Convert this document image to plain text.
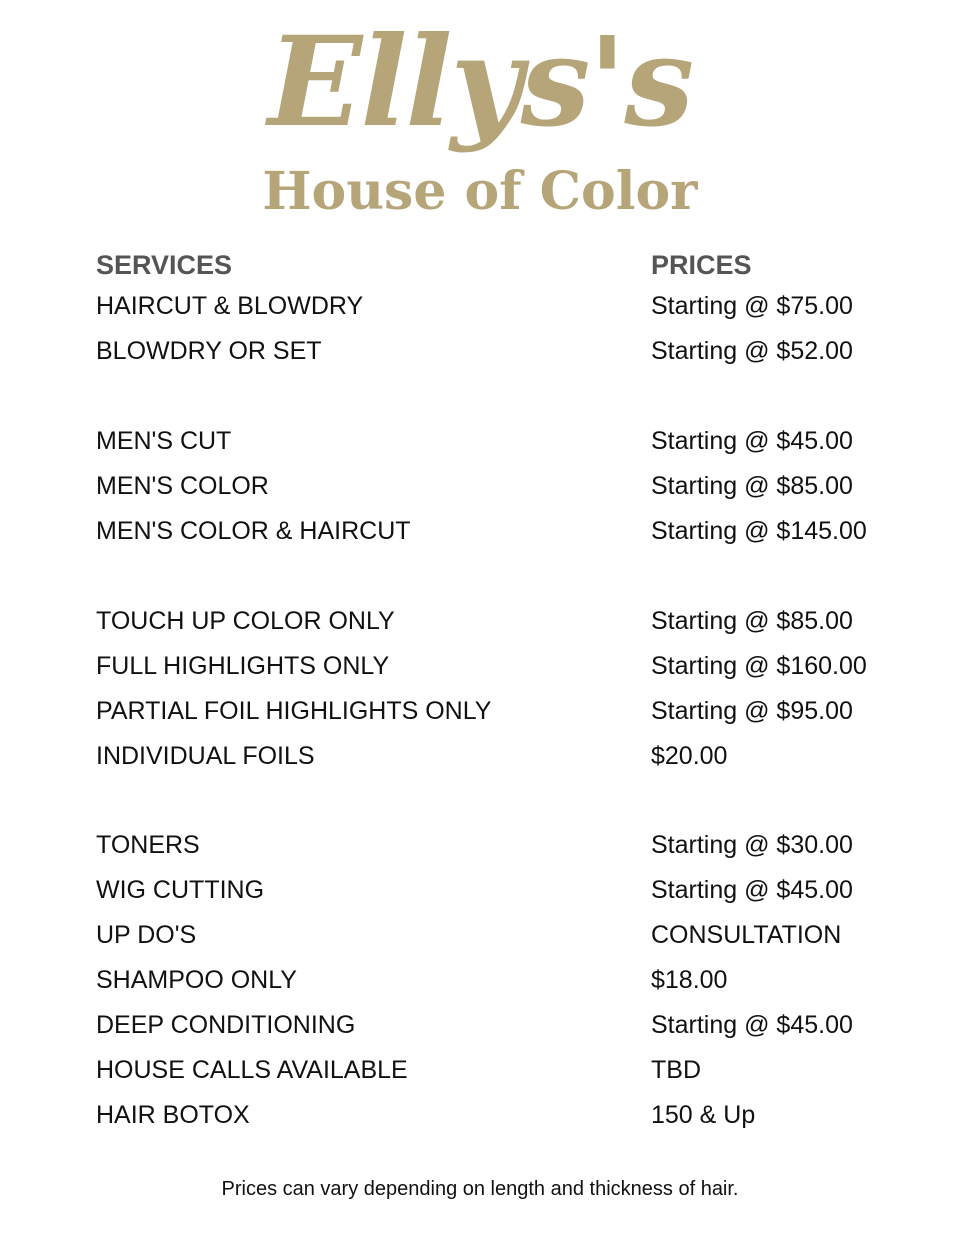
Ellys's
House of Color
SERVICES	PRICES
HAIRCUT & BLOWDRY	Starting @ $75.00
BLOWDRY OR SET	Starting @ $52.00
MEN'S CUT	Starting @ $45.00
MEN'S COLOR	Starting @ $85.00
MEN'S COLOR & HAIRCUT	Starting @ $145.00
TOUCH UP COLOR ONLY	Starting @ $85.00
FULL HIGHLIGHTS ONLY	Starting @ $160.00
PARTIAL FOIL HIGHLIGHTS ONLY	Starting @ $95.00
INDIVIDUAL FOILS	$20.00
TONERS	Starting @ $30.00
WIG CUTTING	Starting @ $45.00
UP DO'S	CONSULTATION
SHAMPOO ONLY	$18.00
DEEP CONDITIONING	Starting @ $45.00
HOUSE CALLS AVAILABLE	TBD
HAIR BOTOX	150 & Up
Prices can vary depending on length and thickness of hair.
